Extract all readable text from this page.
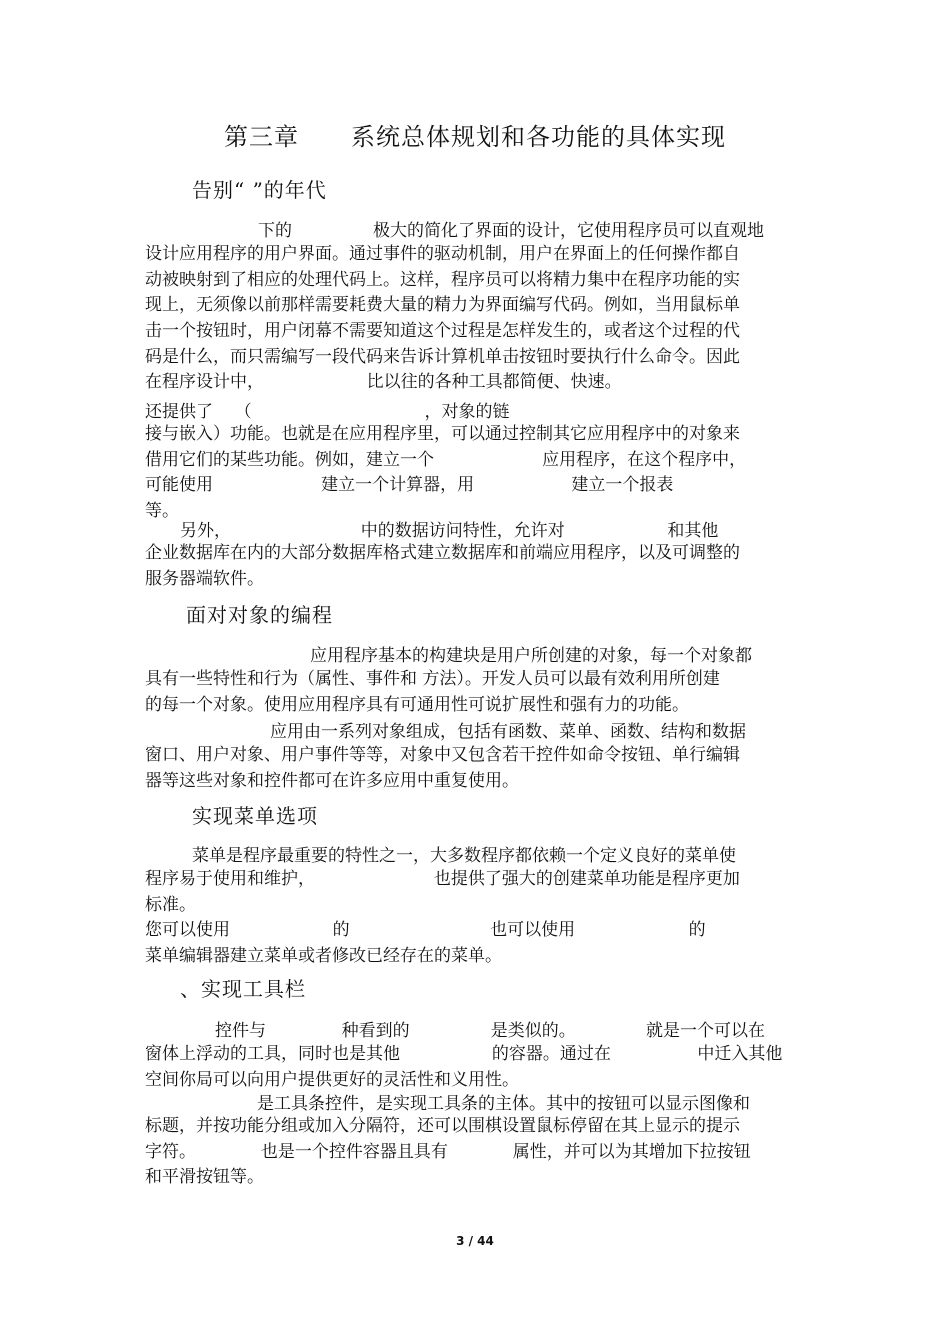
第三章 系统总体规划和各功能的具体实现
告别“ ”的年代
下的               极大的简化了界面的设计，它使用程序员可以直观地
设计应用程序的用户界面。通过事件的驱动机制，用户在界面上的任何操作都自
动被映射到了相应的处理代码上。这样，程序员可以将精力集中在程序功能的实
现上，无须像以前那样需要耗费大量的精力为界面编写代码。例如，当用鼠标单
击一个按钮时，用户闭幕不需要知道这个过程是怎样发生的，或者这个过程的代
码是什么，而只需编写一段代码来告诉计算机单击按钮时要执行什么命令。因此
在程序设计中，                   比以往的各种工具都简便、快速。
还提供了    （                                ，对象的链
接与嵌入）功能。也就是在应用程序里，可以通过控制其它应用程序中的对象来
借用它们的某些功能。例如，建立一个                    应用程序，在这个程序中，
可能使用                    建立一个计算器，用                  建立一个报表
等。
另外，                        中的数据访问特性，允许对                   和其他
企业数据库在内的大部分数据库格式建立数据库和前端应用程序，以及可调整的
服务器端软件。
面对对象的编程
应用程序基本的构建块是用户所创建的对象，每一个对象都
具有一些特性和行为（属性、事件和 方法）。开发人员可以最有效利用所创建
的每一个对象。使用应用程序具有可通用性可说扩展性和强有力的功能。
应用由一系列对象组成，包括有函数、菜单、函数、结构和数据
窗口、用户对象、用户事件等等，对象中又包含若干控件如命令按钮、单行编辑
器等这些对象和控件都可在许多应用中重复使用。
实现菜单选项
菜单是程序最重要的特性之一，大多数程序都依赖一个定义良好的菜单使
程序易于使用和维护，                      也提供了强大的创建菜单功能是程序更加
标准。
您可以使用                   的                          也可以使用                     的
菜单编辑器建立菜单或者修改已经存在的菜单。
、实现工具栏
控件与              种看到的               是类似的。             就是一个可以在
窗体上浮动的工具，同时也是其他                 的容器。通过在                中迁入其他
空间你局可以向用户提供更好的灵活性和义用性。
是工具条控件，是实现工具条的主体。其中的按钮可以显示图像和
标题，并按功能分组或加入分隔符，还可以围棋设置鼠标停留在其上显示的提示
字符。            也是一个控件容器且具有            属性，并可以为其增加下拉按钮
和平滑按钮等。
3 / 44
